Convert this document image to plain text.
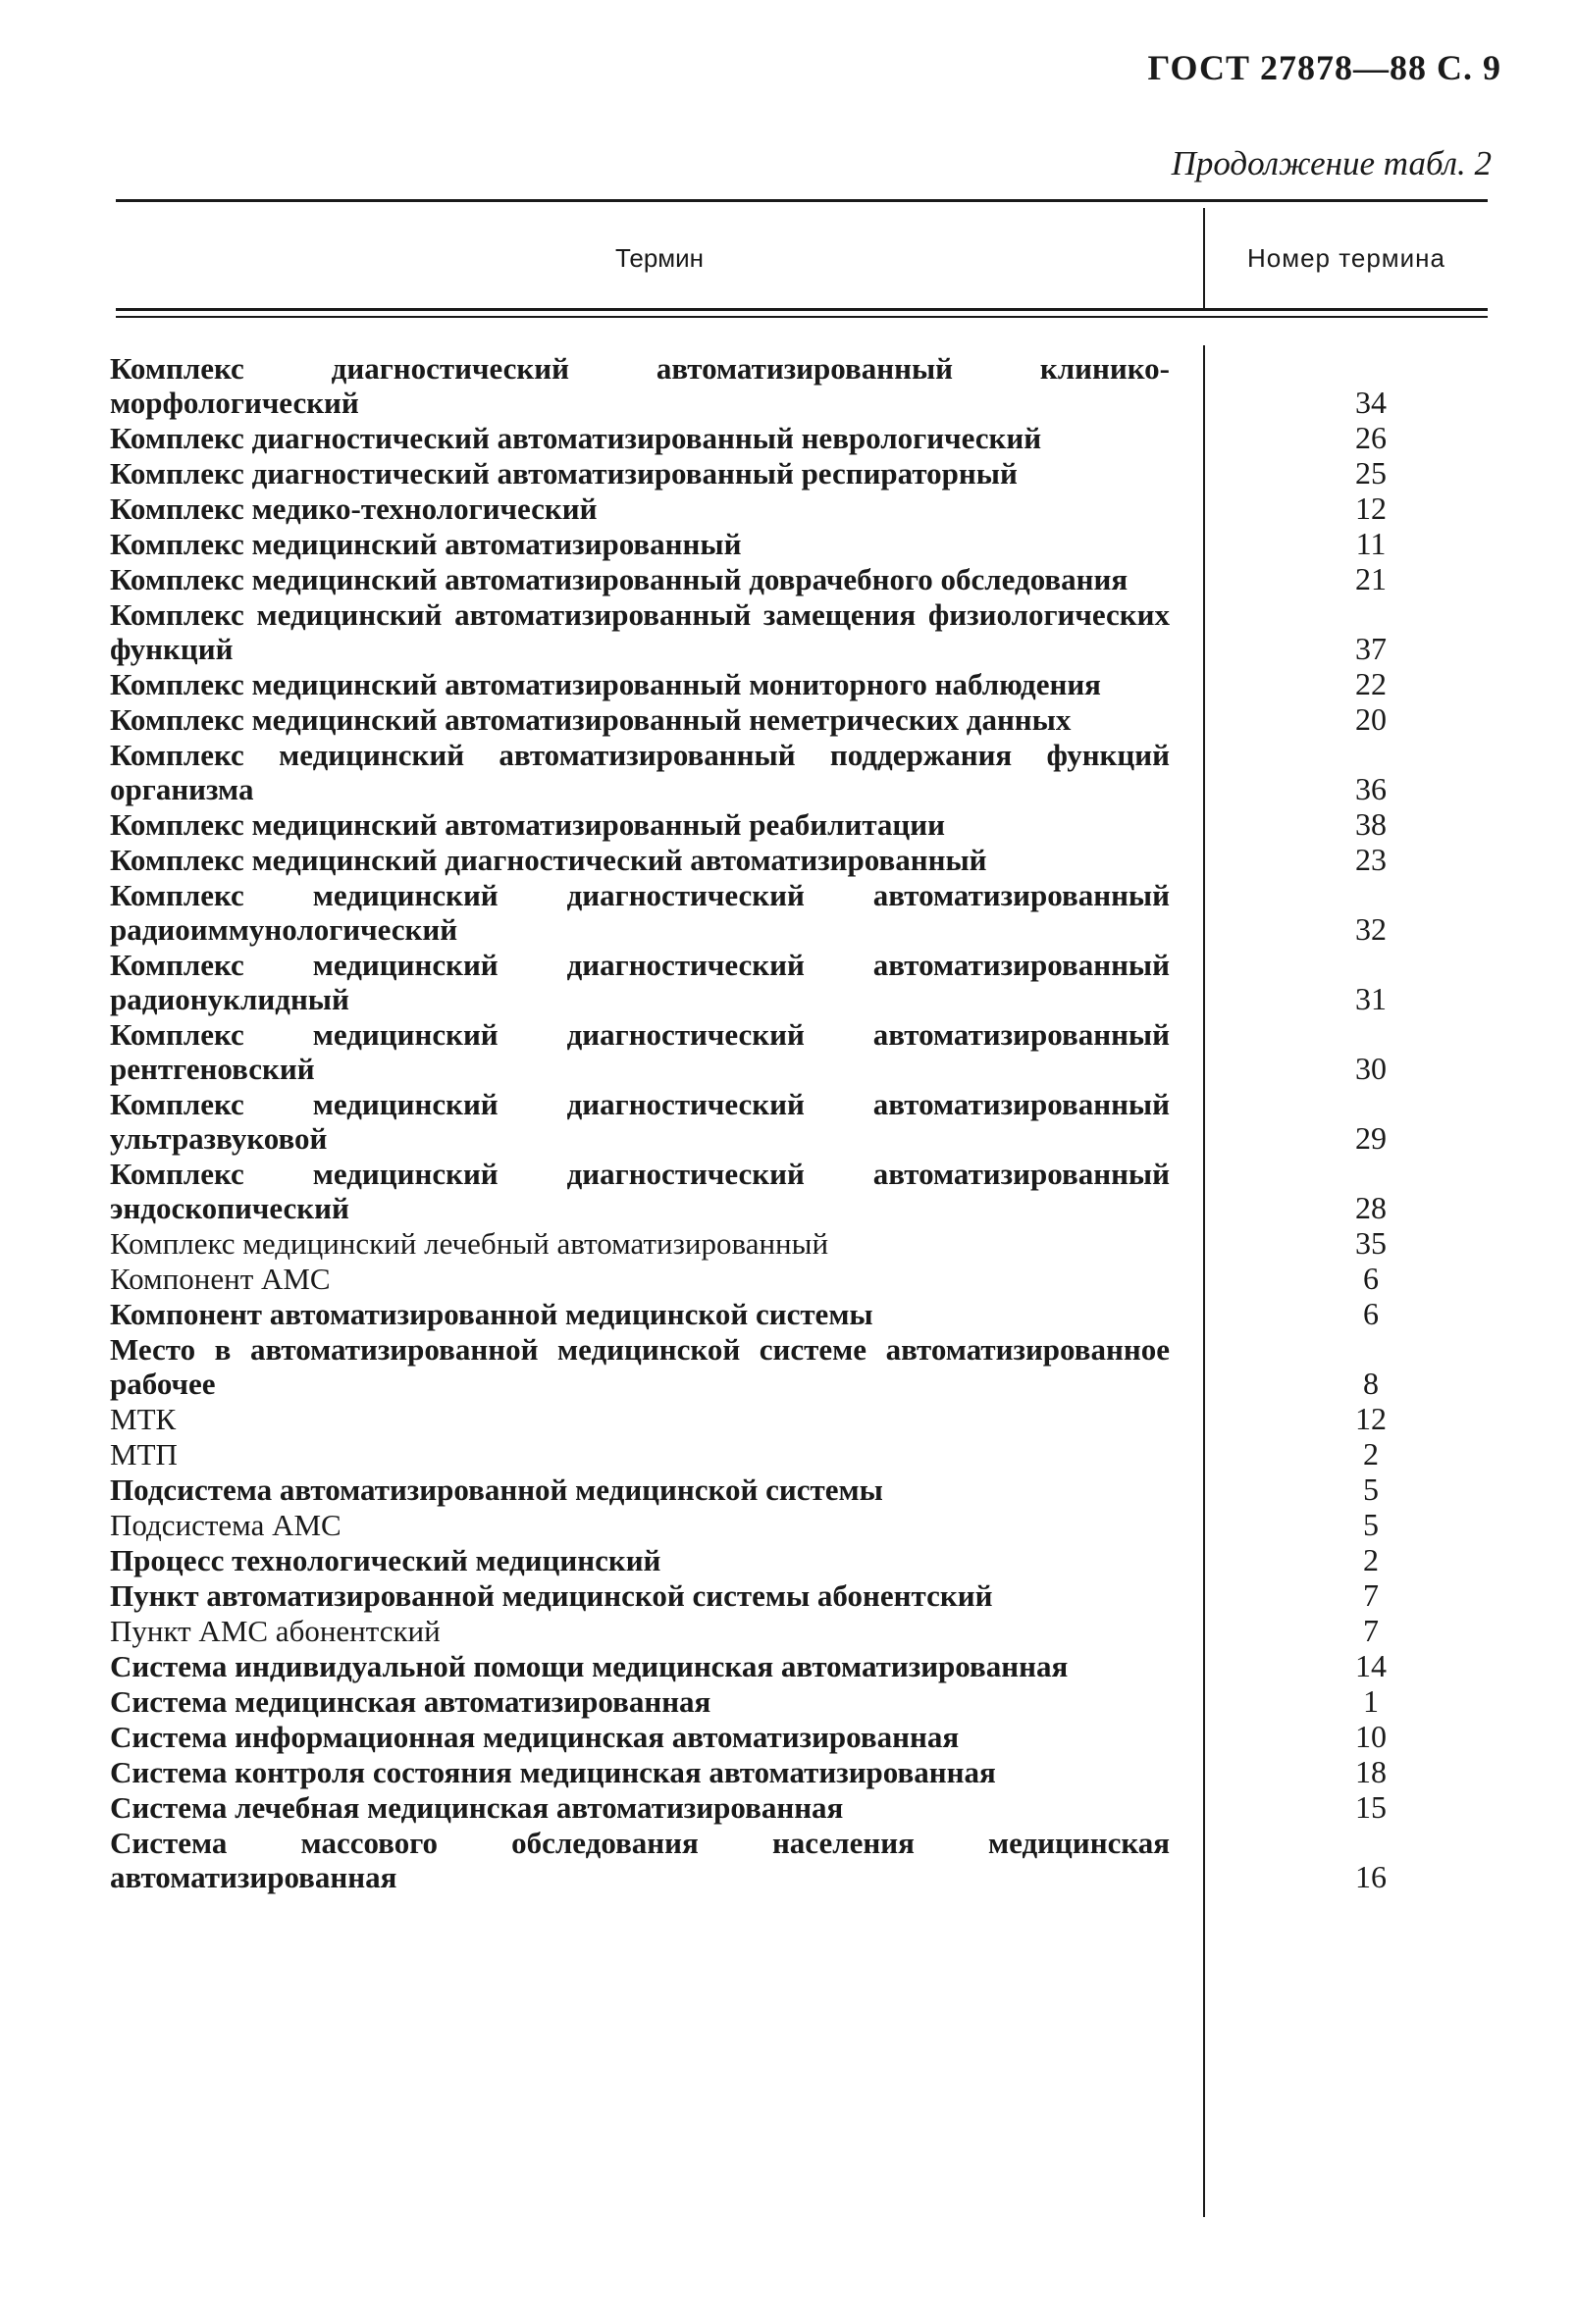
ГОСТ 27878—88 С. 9
Продолжение табл. 2
Термин	Номер термина
Комплекс диагностический автоматизированный клинико-морфологический	34
Комплекс диагностический автоматизированный неврологический	26
Комплекс диагностический автоматизированный респираторный	25
Комплекс медико-технологический	12
Комплекс медицинский автоматизированный	11
Комплекс медицинский автоматизированный доврачебного обследования	21
Комплекс медицинский автоматизированный замещения физиологических функций	37
Комплекс медицинский автоматизированный мониторного наблюдения	22
Комплекс медицинский автоматизированный неметрических данных	20
Комплекс медицинский автоматизированный поддержания функций организма	36
Комплекс медицинский автоматизированный реабилитации	38
Комплекс медицинский диагностический автоматизированный	23
Комплекс медицинский диагностический автоматизированный радиоиммунологический	32
Комплекс медицинский диагностический автоматизированный радионуклидный	31
Комплекс медицинский диагностический автоматизированный рентгеновский	30
Комплекс медицинский диагностический автоматизированный ультразвуковой	29
Комплекс медицинский диагностический автоматизированный эндоскопический	28
Комплекс медицинский лечебный автоматизированный	35
Компонент АМС	6
Компонент автоматизированной медицинской системы	6
Место в автоматизированной медицинской системе автоматизированное рабочее	8
МТК	12
МТП	2
Подсистема автоматизированной медицинской системы	5
Подсистема АМС	5
Процесс технологический медицинский	2
Пункт автоматизированной медицинской системы абонентский	7
Пункт АМС абонентский	7
Система индивидуальной помощи медицинская автоматизированная	14
Система медицинская автоматизированная	1
Система информационная медицинская автоматизированная	10
Система контроля состояния медицинская автоматизированная	18
Система лечебная медицинская автоматизированная	15
Система массового обследования населения медицинская автоматизированная	16
